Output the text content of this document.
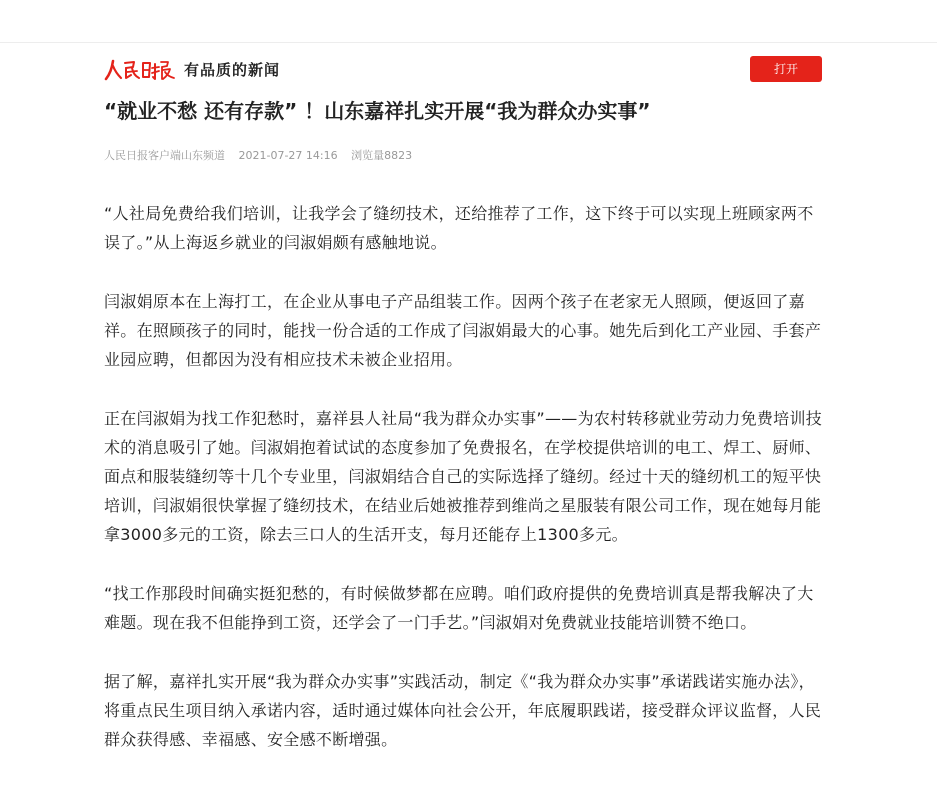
有品质的新闻	打开
“就业不愁 还有存款” ！山东嘉祥扎实开展“我为群众办实事”
人民日报客户端山东频道 2021-07-27 14:16 浏览量8823

“人社局免费给我们培训，让我学会了缝纫技术，还给推荐了工作，这下终于可以实现上班顾家两不误了。”从上海返乡就业的闫淑娟颇有感触地说。

闫淑娟原本在上海打工，在企业从事电子产品组装工作。因两个孩子在老家无人照顾，便返回了嘉祥。在照顾孩子的同时，能找一份合适的工作成了闫淑娟最大的心事。她先后到化工产业园、手套产业园应聘，但都因为没有相应技术未被企业招用。

正在闫淑娟为找工作犯愁时，嘉祥县人社局“我为群众办实事”——为农村转移就业劳动力免费培训技术的消息吸引了她。闫淑娟抱着试试的态度参加了免费报名，在学校提供培训的电工、焊工、厨师、面点和服装缝纫等十几个专业里，闫淑娟结合自己的实际选择了缝纫。经过十天的缝纫机工的短平快培训，闫淑娟很快掌握了缝纫技术，在结业后她被推荐到维尚之星服装有限公司工作，现在她每月能拿3000多元的工资，除去三口人的生活开支，每月还能存上1300多元。

“找工作那段时间确实挺犯愁的，有时候做梦都在应聘。咱们政府提供的免费培训真是帮我解决了大难题。现在我不但能挣到工资，还学会了一门手艺。”闫淑娟对免费就业技能培训赞不绝口。

据了解，嘉祥扎实开展“我为群众办实事”实践活动，制定《“我为群众办实事”承诺践诺实施办法》，将重点民生项目纳入承诺内容，适时通过媒体向社会公开，年底履职践诺，接受群众评议监督，人民群众获得感、幸福感、安全感不断增强。
